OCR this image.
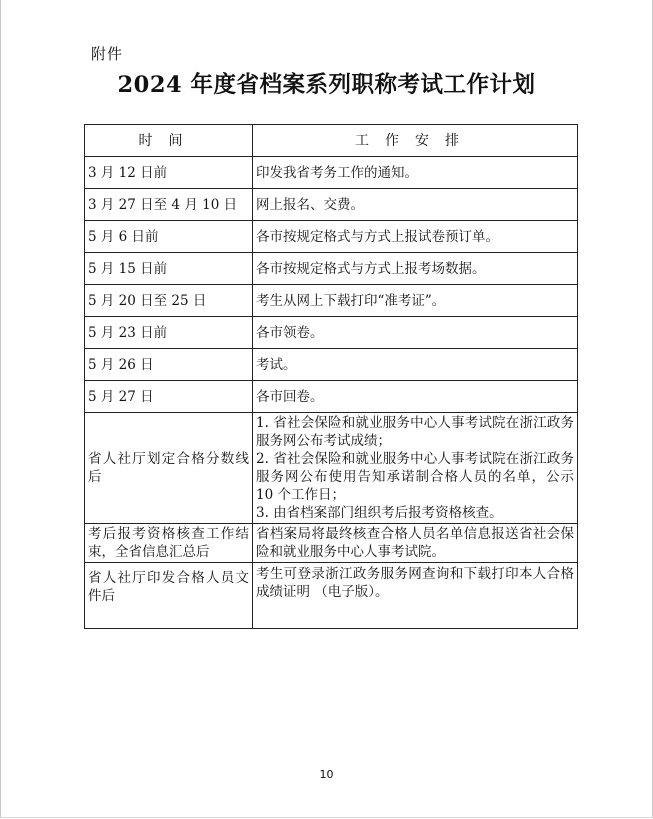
附件
2024 年度省档案系列职称考试工作计划
时间	工作安排
3 月 12 日前	印发我省考务工作的通知。

3 月 27 日至 4 月 10 日	网上报名、交费。

5 月 6 日前	各市按规定格式与方式上报试卷预订单。

5 月 15 日前	各市按规定格式与方式上报考场数据。

5 月 20 日至 25 日	考生从网上下载打印“准考证”。

5 月 23 日前	各市领卷。

5 月 26 日	考试。

5 月 27 日	各市回卷。

省人社厅划定合格分数线后	1. 省社会保险和就业服务中心人事考试院在浙江政务服务网公布考试成绩；
2. 省社会保险和就业服务中心人事考试院在浙江政务服务网公布使用告知承诺制合格人员的名单，公示 10 个工作日；
3. 由省档案部门组织考后报考资格核查。

考后报考资格核查工作结束，全省信息汇总后	省档案局将最终核查合格人员名单信息报送省社会保险和就业服务中心人事考试院。

省人社厅印发合格人员文件后	考生可登录浙江政务服务网查询和下载打印本人合格成绩证明 （电子版）。
10
